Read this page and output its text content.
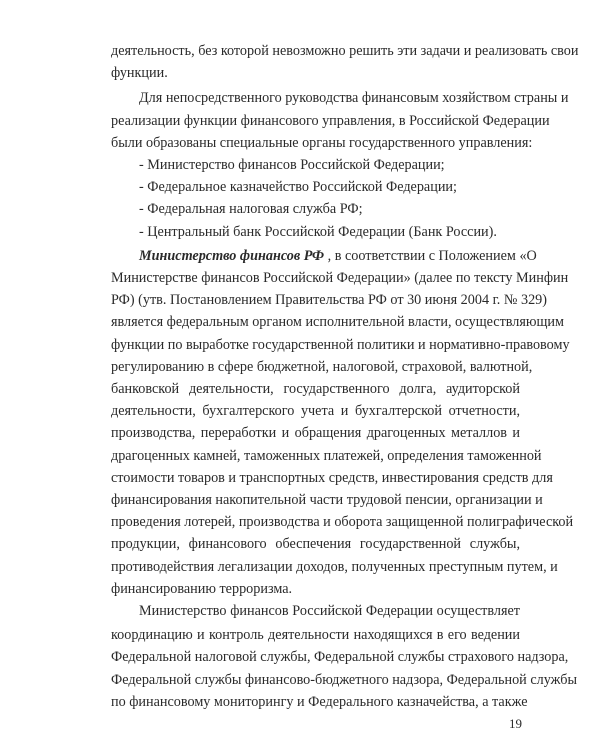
деятельность, без которой невозможно решить эти задачи и реализовать свои
функции.
Для непосредственного руководства финансовым хозяйством страны и
реализации функции финансового управления, в Российской Федерации
были образованы специальные органы государственного управления:
- Министерство финансов Российской Федерации;
- Федеральное казначейство Российской Федерации;
- Федеральная налоговая служба РФ;
- Центральный банк Российской Федерации (Банк России).
Министерство финансов РФ , в соответствии с Положением «О
Министерстве финансов Российской Федерации» (далее по тексту Минфин
РФ) (утв. Постановлением Правительства РФ от 30 июня 2004 г. № 329)
является федеральным органом исполнительной власти, осуществляющим
функции по выработке государственной политики и нормативно-правовому
регулированию в сфере бюджетной, налоговой, страховой, валютной,
банковской деятельности, государственного долга, аудиторской
деятельности, бухгалтерского учета и бухгалтерской отчетности,
производства, переработки и обращения драгоценных металлов и
драгоценных камней, таможенных платежей, определения таможенной
стоимости товаров и транспортных средств, инвестирования средств для
финансирования накопительной части трудовой пенсии, организации и
проведения лотерей, производства и оборота защищенной полиграфической
продукции, финансового обеспечения государственной службы,
противодействия легализации доходов, полученных преступным путем, и
финансированию терроризма.
Министерство финансов Российской Федерации осуществляет
координацию и контроль деятельности находящихся в его ведении
Федеральной налоговой службы, Федеральной службы страхового надзора,
Федеральной службы финансово-бюджетного надзора, Федеральной службы
по финансовому мониторингу и Федерального казначейства, а также
19
